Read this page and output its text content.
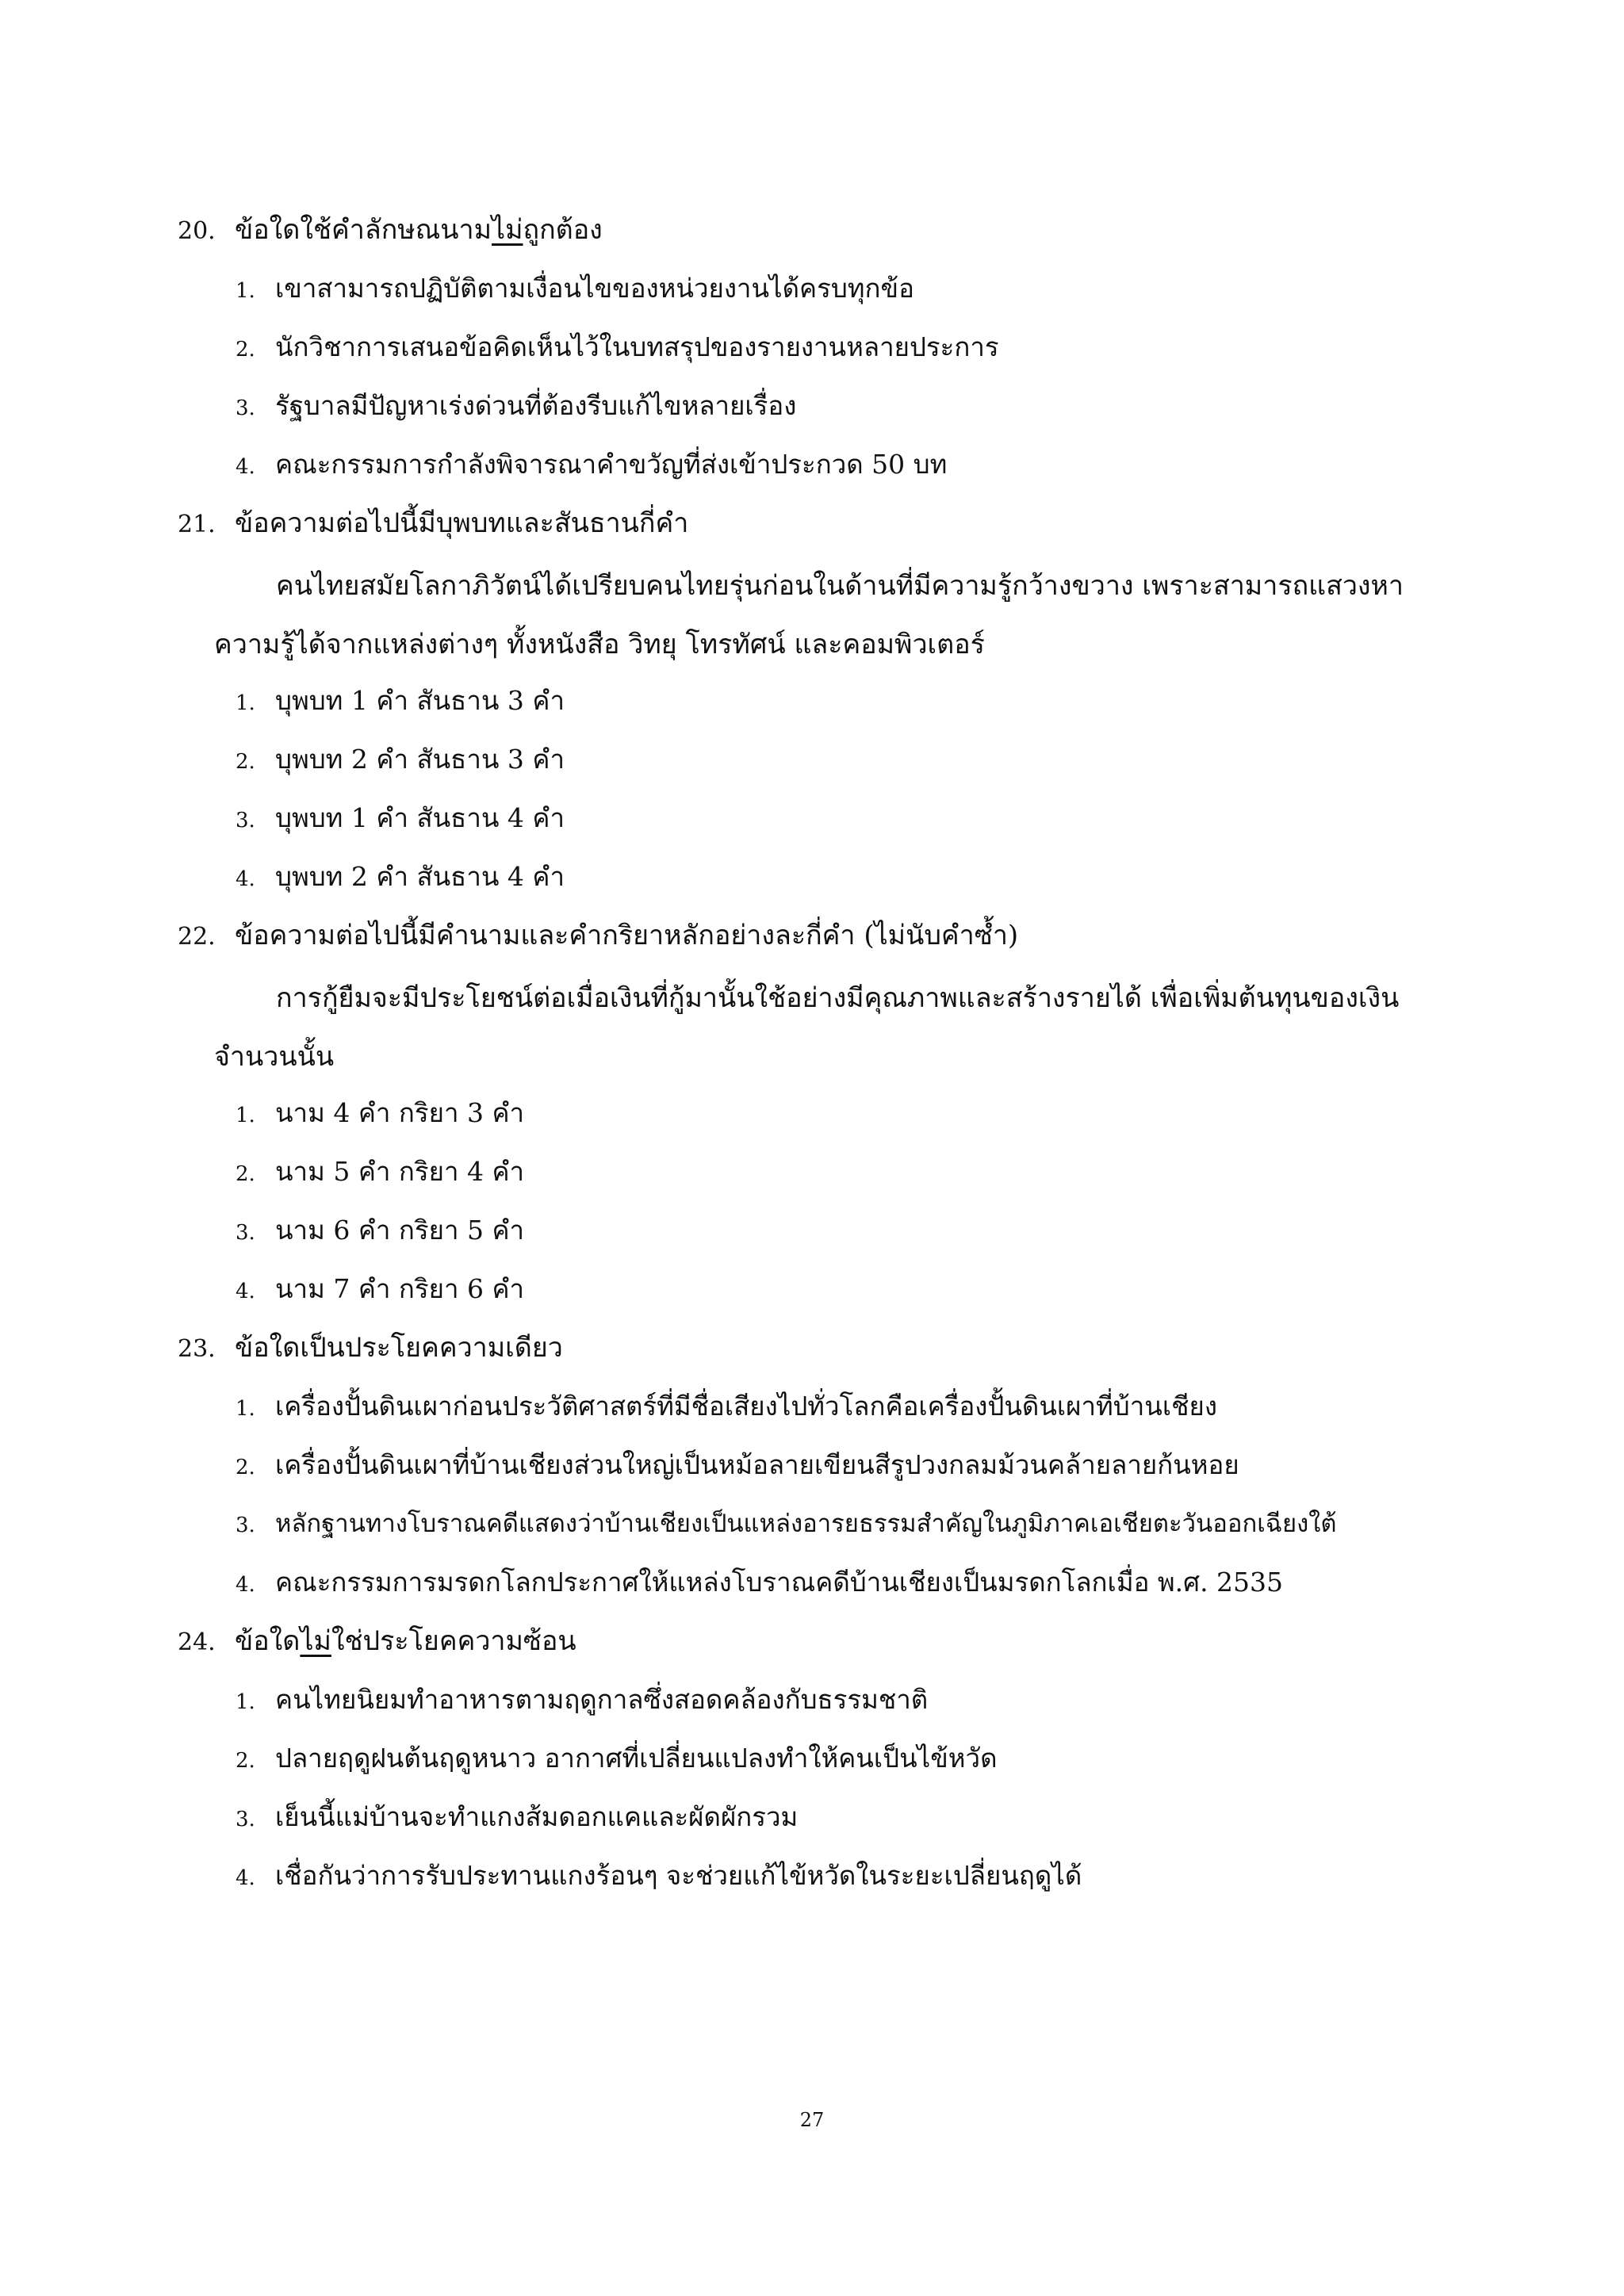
20. ข้อใดใช้คำลักษณนามไม่ถูกต้อง
1. เขาสามารถปฏิบัติตามเงื่อนไขของหน่วยงานได้ครบทุกข้อ
2. นักวิชาการเสนอข้อคิดเห็นไว้ในบทสรุปของรายงานหลายประการ
3. รัฐบาลมีปัญหาเร่งด่วนที่ต้องรีบแก้ไขหลายเรื่อง
4. คณะกรรมการกำลังพิจารณาคำขวัญที่ส่งเข้าประกวด 50 บท
21. ข้อความต่อไปนี้มีบุพบทและสันธานกี่คำ
คนไทยสมัยโลกาภิวัตน์ได้เปรียบคนไทยรุ่นก่อนในด้านที่มีความรู้กว้างขวาง เพราะสามารถแสวงหาความรู้ได้จากแหล่งต่างๆ ทั้งหนังสือ วิทยุ โทรทัศน์ และคอมพิวเตอร์
1. บุพบท 1 คำ สันธาน 3 คำ
2. บุพบท 2 คำ สันธาน 3 คำ
3. บุพบท 1 คำ สันธาน 4 คำ
4. บุพบท 2 คำ สันธาน 4 คำ
22. ข้อความต่อไปนี้มีคำนามและคำกริยาหลักอย่างละกี่คำ (ไม่นับคำซ้ำ)
การกู้ยืมจะมีประโยชน์ต่อเมื่อเงินที่กู้มานั้นใช้อย่างมีคุณภาพและสร้างรายได้ เพื่อเพิ่มต้นทุนของเงินจำนวนนั้น
1. นาม 4 คำ กริยา 3 คำ
2. นาม 5 คำ กริยา 4 คำ
3. นาม 6 คำ กริยา 5 คำ
4. นาม 7 คำ กริยา 6 คำ
23. ข้อใดเป็นประโยคความเดียว
1. เครื่องปั้นดินเผาก่อนประวัติศาสตร์ที่มีชื่อเสียงไปทั่วโลกคือเครื่องปั้นดินเผาที่บ้านเชียง
2. เครื่องปั้นดินเผาที่บ้านเชียงส่วนใหญ่เป็นหม้อลายเขียนสีรูปวงกลมม้วนคล้ายลายก้นหอย
3. หลักฐานทางโบราณคดีแสดงว่าบ้านเชียงเป็นแหล่งอารยธรรมสำคัญในภูมิภาคเอเชียตะวันออกเฉียงใต้
4. คณะกรรมการมรดกโลกประกาศให้แหล่งโบราณคดีบ้านเชียงเป็นมรดกโลกเมื่อ พ.ศ. 2535
24. ข้อใดไม่ใช่ประโยคความซ้อน
1. คนไทยนิยมทำอาหารตามฤดูกาลซึ่งสอดคล้องกับธรรมชาติ
2. ปลายฤดูฝนต้นฤดูหนาว อากาศที่เปลี่ยนแปลงทำให้คนเป็นไข้หวัด
3. เย็นนี้แม่บ้านจะทำแกงส้มดอกแคและผัดผักรวม
4. เชื่อกันว่าการรับประทานแกงร้อนๆ จะช่วยแก้ไข้หวัดในระยะเปลี่ยนฤดูได้
27
